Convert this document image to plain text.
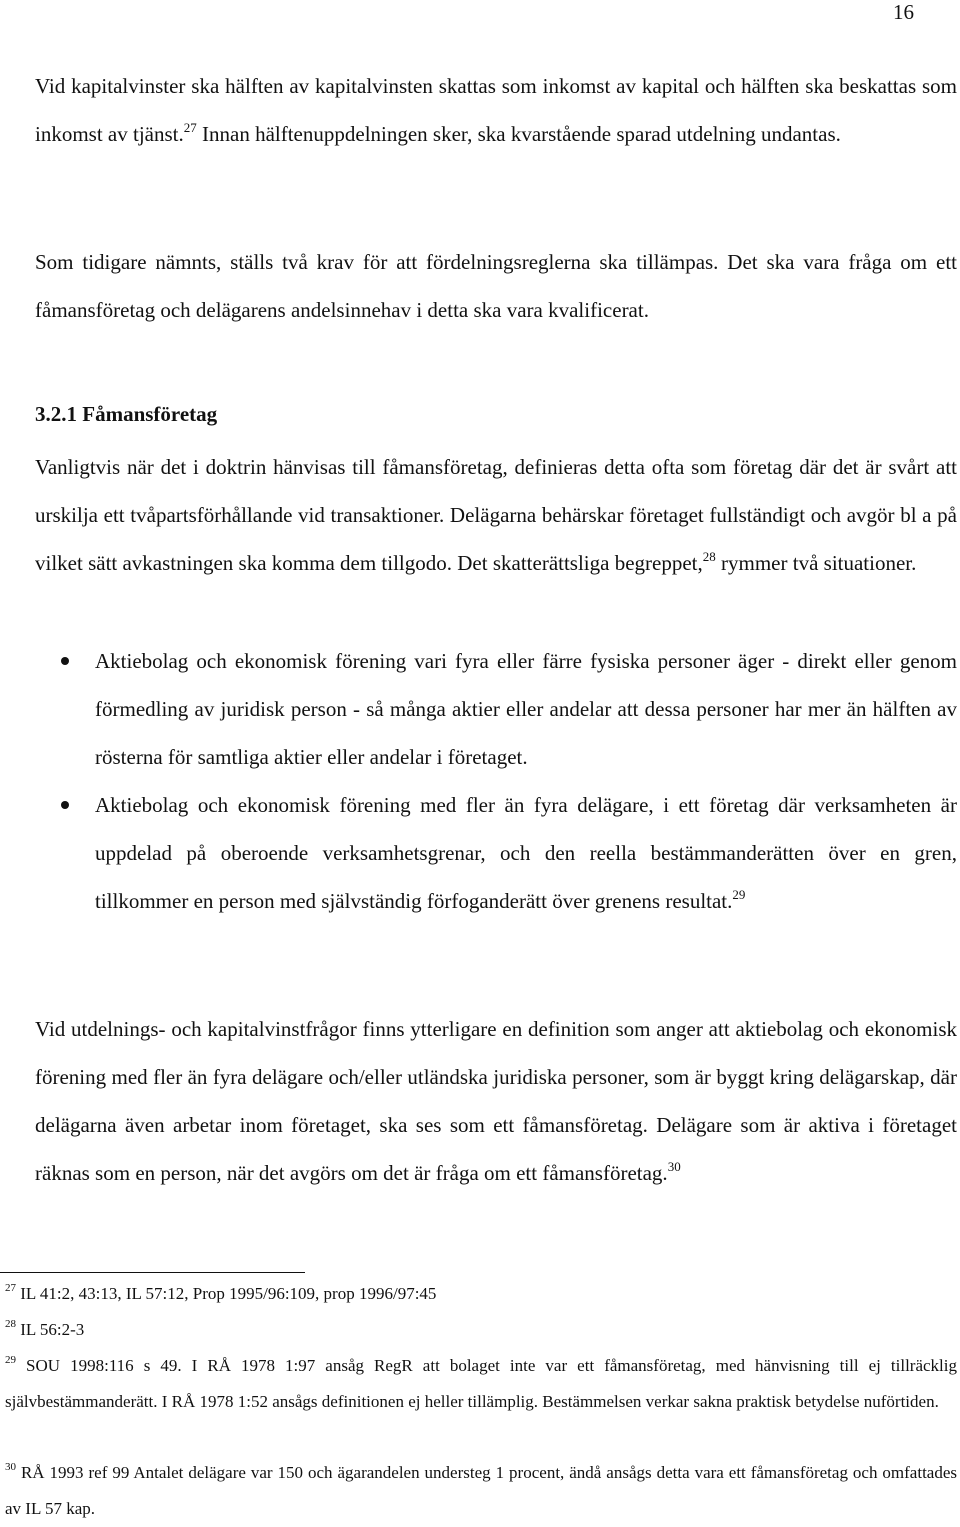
16

Vid kapitalvinster ska hälften av kapitalvinsten skattas som inkomst av kapital och hälften ska beskattas som inkomst av tjänst.$^{27}$ Innan hälftenuppdelningen sker, ska kvarstående sparad utdelning undantas.

Som tidigare nämnts, ställs två krav för att fördelningsreglerna ska tillämpas. Det ska vara fråga om ett fåmansföretag och delägarens andelsinnehav i detta ska vara kvalificerat.

3.2.1 Fåmansföretag

Vanligtvis när det i doktrin hänvisas till fåmansföretag, definieras detta ofta som företag där det är svårt att urskilja ett tvåpartsförhållande vid transaktioner. Delägarna behärskar företaget fullständigt och avgör bl a på vilket sätt avkastningen ska komma dem tillgodo. Det skatterättsliga begreppet,$^{28}$ rymmer två situationer.

Aktiebolag och ekonomisk förening vari fyra eller färre fysiska personer äger - direkt eller genom förmedling av juridisk person - så många aktier eller andelar att dessa personer har mer än hälften av rösterna för samtliga aktier eller andelar i företaget.
Aktiebolag och ekonomisk förening med fler än fyra delägare, i ett företag där verksamheten är uppdelad på oberoende verksamhetsgrenar, och den reella bestämmanderätten över en gren, tillkommer en person med självständig förfoganderätt över grenens resultat.$^{29}$

Vid utdelnings- och kapitalvinstfrågor finns ytterligare en definition som anger att aktiebolag och ekonomisk förening med fler än fyra delägare och/eller utländska juridiska personer, som är byggt kring delägarskap, där delägarna även arbetar inom företaget, ska ses som ett fåmansföretag. Delägare som är aktiva i företaget räknas som en person, när det avgörs om det är fråga om ett fåmansföretag.$^{30}$

$^{27}$ IL 41:2, 43:13, IL 57:12, Prop 1995/96:109, prop 1996/97:45
$^{28}$ IL 56:2-3
$^{29}$ SOU 1998:116 s 49. I RÅ 1978 1:97 ansåg RegR att bolaget inte var ett fåmansföretag, med hänvisning till ej tillräcklig självbestämmanderätt. I RÅ 1978 1:52 ansågs definitionen ej heller tillämplig. Bestämmelsen verkar sakna praktisk betydelse nuförtiden.
$^{30}$ RÅ 1993 ref 99 Antalet delägare var 150 och ägarandelen understeg 1 procent, ändå ansågs detta vara ett fåmansföretag och omfattades av IL 57 kap.
